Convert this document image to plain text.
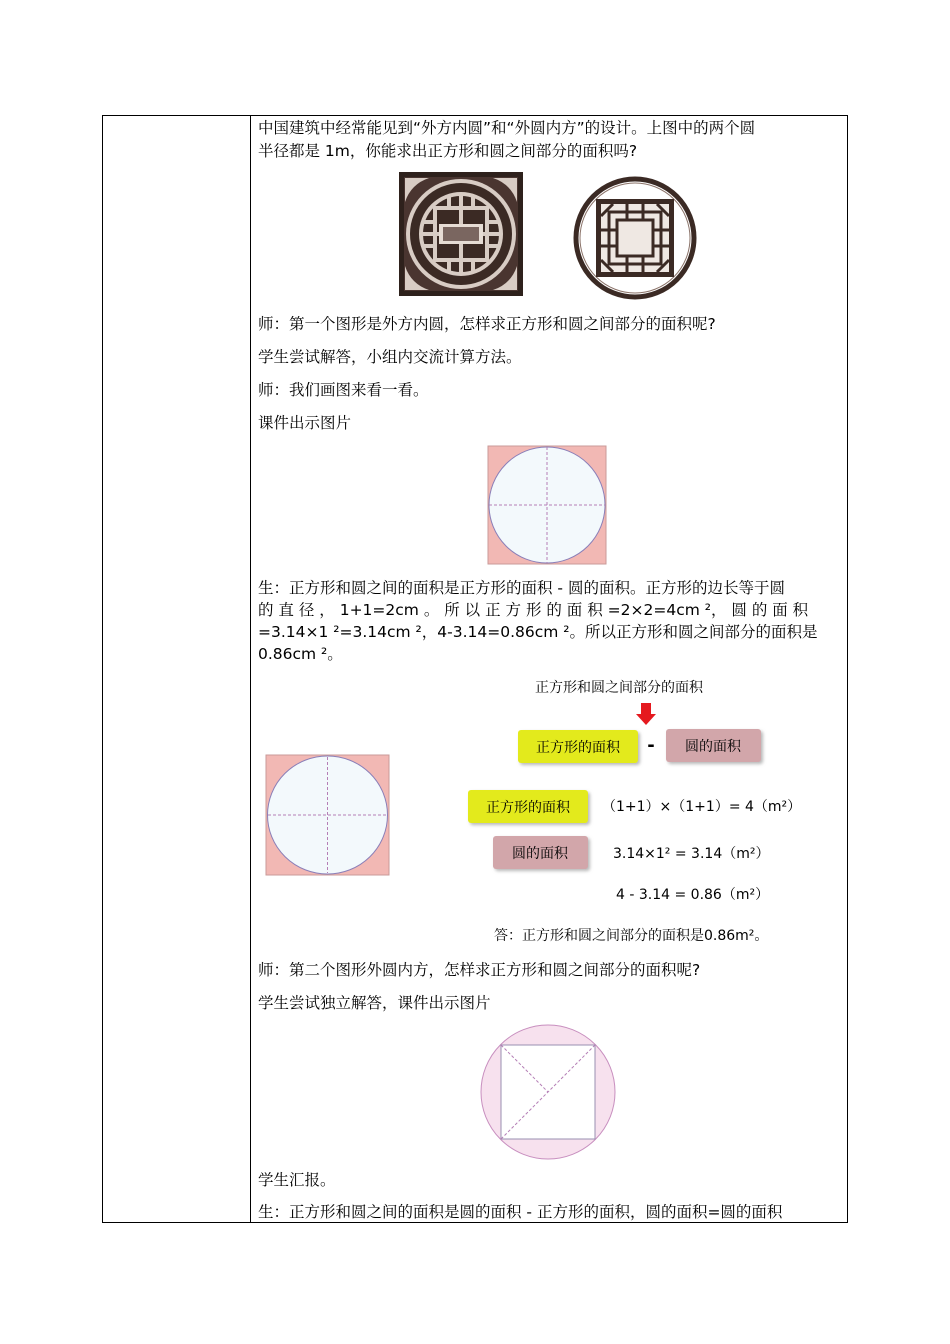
中国建筑中经常能见到“外方内圆”和“外圆内方”的设计。上图中的两个圆
半径都是 1m，你能求出正方形和圆之间部分的面积吗?
师：第一个图形是外方内圆，怎样求正方形和圆之间部分的面积呢?
学生尝试解答，小组内交流计算方法。
师：我们画图来看一看。
课件出示图片
生：正方形和圆之间的面积是正方形的面积 - 圆的面积。正方形的边长等于圆
的 直 径 ， 1+1=2cm 。 所 以 正 方 形 的 面 积 =2×2=4cm ²， 圆 的 面 积
=3.14×1 ²=3.14cm ²，4-3.14=0.86cm ²。所以正方形和圆之间部分的面积是
0.86cm ²。
正方形和圆之间部分的面积
正方形的面积 - 圆的面积
正方形的面积 （1+1）×（1+1）= 4（m²）
圆的面积	3.14×1² = 3.14（m²）
4 - 3.14 = 0.86（m²）
答：正方形和圆之间部分的面积是0.86m²。
师：第二个图形外圆内方，怎样求正方形和圆之间部分的面积呢?
学生尝试独立解答，课件出示图片
学生汇报。
生：正方形和圆之间的面积是圆的面积 - 正方形的面积，圆的面积=圆的面积
